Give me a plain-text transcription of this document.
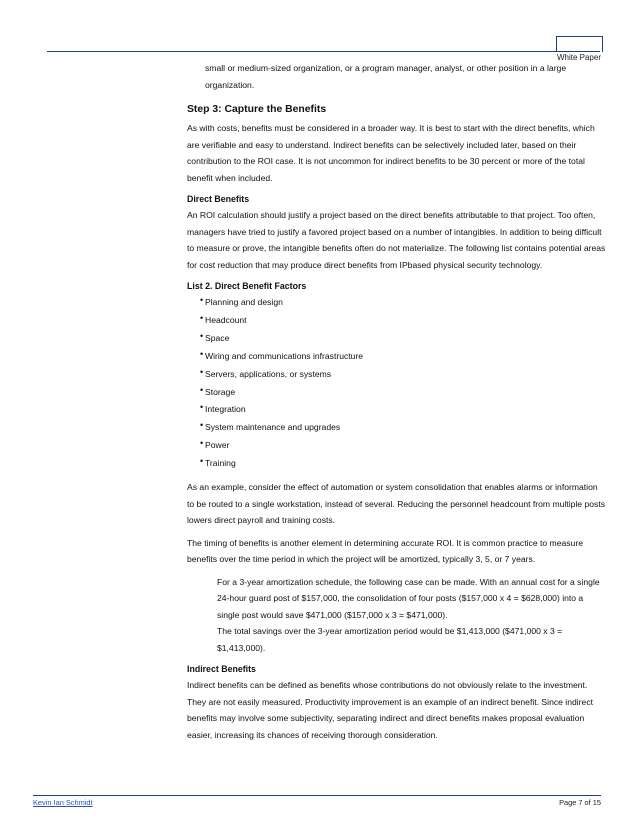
White Paper

small or medium-sized organization, or a program manager, analyst, or other position in a large organization.

Step 3: Capture the Benefits

As with costs, benefits must be considered in a broader way. It is best to start with the direct benefits, which are verifiable and easy to understand. Indirect benefits can be selectively included later, based on their contribution to the ROI case. It is not uncommon for indirect benefits to be 30 percent or more of the total benefit when included.

Direct Benefits

An ROI calculation should justify a project based on the direct benefits attributable to that project. Too often, managers have tried to justify a favored project based on a number of intangibles. In addition to being difficult to measure or prove, the intangible benefits often do not materialize. The following list contains potential areas for cost reduction that may produce direct benefits from IPbased physical security technology.

List 2. Direct Benefit Factors
• Planning and design
• Headcount
• Space
• Wiring and communications infrastructure
• Servers, applications, or systems
• Storage
• Integration
• System maintenance and upgrades
• Power
• Training

As an example, consider the effect of automation or system consolidation that enables alarms or information to be routed to a single workstation, instead of several. Reducing the personnel headcount from multiple posts lowers direct payroll and training costs.

The timing of benefits is another element in determining accurate ROI. It is common practice to measure benefits over the time period in which the project will be amortized, typically 3, 5, or 7 years.

For a 3-year amortization schedule, the following case can be made. With an annual cost for a single 24-hour guard post of $157,000, the consolidation of four posts ($157,000 x 4 = $628,000) into a single post would save $471,000 ($157,000 x 3 = $471,000).

The total savings over the 3-year amortization period would be $1,413,000 ($471,000 x 3 = $1,413,000).

Indirect Benefits

Indirect benefits can be defined as benefits whose contributions do not obviously relate to the investment. They are not easily measured. Productivity improvement is an example of an indirect benefit. Since indirect benefits may involve some subjectivity, separating indirect and direct benefits makes proposal evaluation easier, increasing its chances of receiving thorough consideration.

Kevin Ian Schmidt	Page 7 of 15
